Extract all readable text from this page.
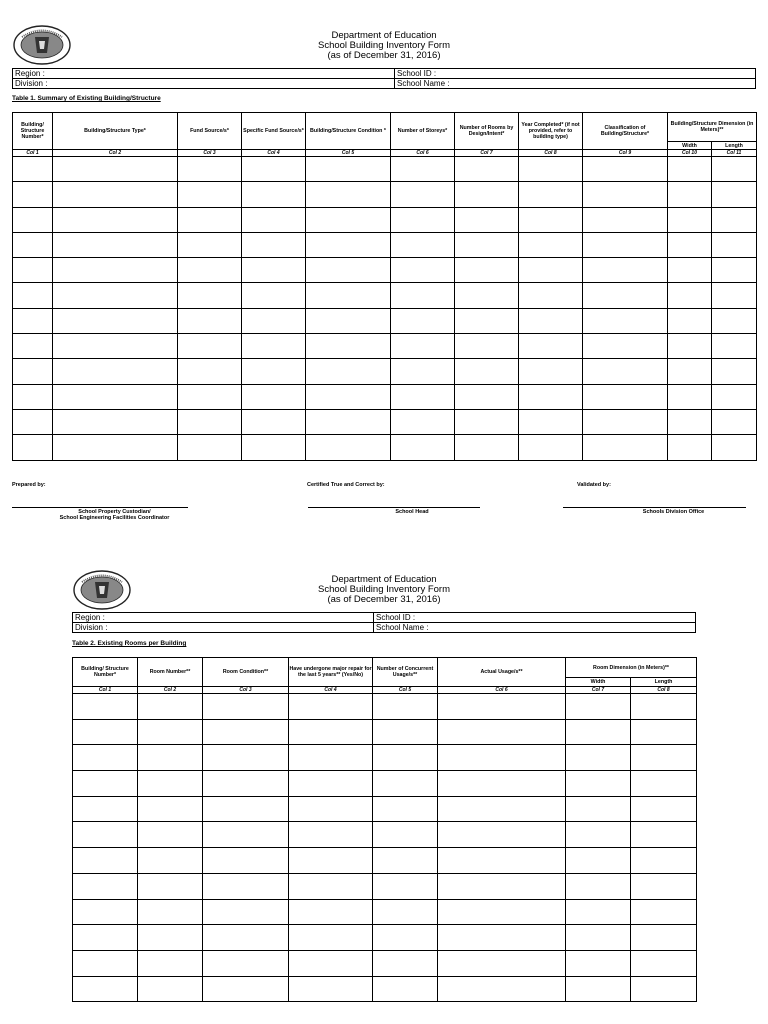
Department of Education
School Building Inventory Form
(as of December 31, 2016)
Region :	School ID :
Division :	School Name :
Table 1. Summary of Existing Building/Structure
Building/ Structure Number*	Building/Structure Type*	Fund Source/s*	Specific Fund Source/s*	Building/Structure Condition *	Number of Storeys*	Number of Rooms by Design/Intent*	Year Completed* (if not provided, refer to building type)	Classification of Building/Structure*	Building/Structure Dimension (in Meters)**	
									Width	Length
Col 1	Col 2	Col 3	Col 4	Col 5	Col 6	Col 7	Col 8	Col 9	Col 10	Col 11

Prepared by:	Certified True and Correct by:	Validated by:
School Property Custodian/
School Engineering Facilities Coordinator
School Head	Schools Division Office
Department of Education
School Building Inventory Form
(as of December 31, 2016)
Region :	School ID :
Division :	School Name :
Table 2. Existing Rooms per Building
Building/ Structure Number*	Room Number**	Room Condition**	Have undergone major repair for the last 5 years** (Yes/No)	Number of Concurrent Usage/s**	Actual Usage/s**	Room Dimension (in Meters)**	
						Width	Length
Col 1	Col 2	Col 3	Col 4	Col 5	Col 6	Col 7	Col 8
